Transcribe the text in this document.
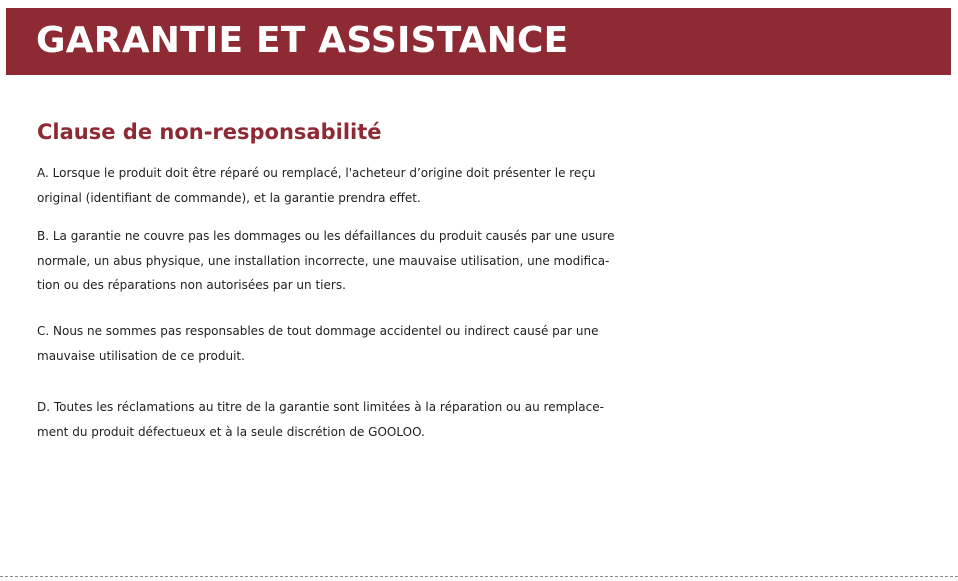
GARANTIE ET ASSISTANCE
Clause de non-responsabilité

A. Lorsque le produit doit être réparé ou remplacé, l'acheteur d’origine doit présenter le reçu
original (identifiant de commande), et la garantie prendra effet.

B. La garantie ne couvre pas les dommages ou les défaillances du produit causés par une usure
normale, un abus physique, une installation incorrecte, une mauvaise utilisation, une modifica-
tion ou des réparations non autorisées par un tiers.

C. Nous ne sommes pas responsables de tout dommage accidentel ou indirect causé par une
mauvaise utilisation de ce produit.

D. Toutes les réclamations au titre de la garantie sont limitées à la réparation ou au remplace-
ment du produit défectueux et à la seule discrétion de GOOLOO.
